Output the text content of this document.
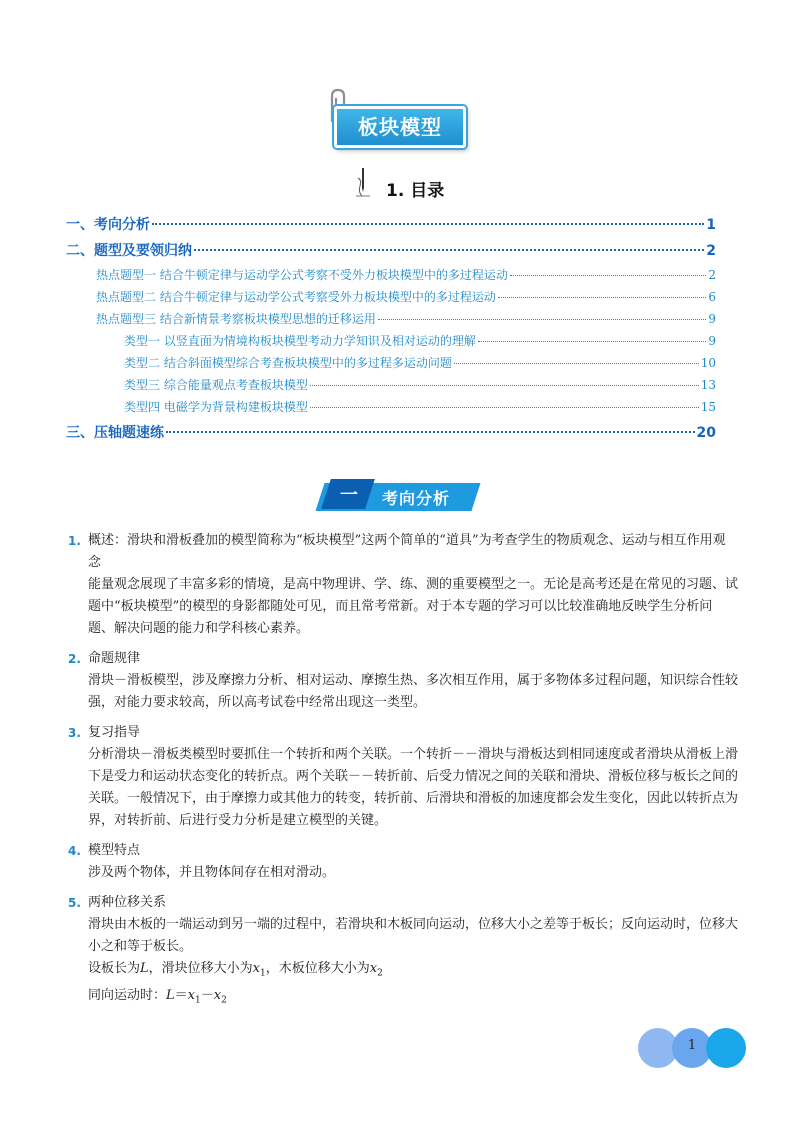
板块模型
1. 目录
一、考向分析	1
二、题型及要领归纳	2
热点题型一 结合牛顿定律与运动学公式考察不受外力板块模型中的多过程运动	2
热点题型二 结合牛顿定律与运动学公式考察受外力板块模型中的多过程运动	6
热点题型三 结合新情景考察板块模型思想的迁移运用	9
类型一 以竖直面为情境构板块模型考动力学知识及相对运动的理解	9
类型二 结合斜面模型综合考查板块模型中的多过程多运动问题	10
类型三 综合能量观点考查板块模型	13
类型四 电磁学为背景构建板块模型	15
三、压轴题速练	20
一	考向分析
1. 概述：滑块和滑板叠加的模型简称为“板块模型”这两个简单的“道具”为考查学生的物质观念、运动与相互作用观念

能量观念展现了丰富多彩的情境，是高中物理讲、学、练、测的重要模型之一。无论是高考还是在常见的习题、试题中“板块模型”的模型的身影都随处可见，而且常考常新。对于本专题的学习可以比较准确地反映学生分析问题、解决问题的能力和学科核心素养。

2. 命题规律

滑块－滑板模型，涉及摩擦力分析、相对运动、摩擦生热、多次相互作用，属于多物体多过程问题，知识综合性较强，对能力要求较高，所以高考试卷中经常出现这一类型。

3. 复习指导

分析滑块－滑板类模型时要抓住一个转折和两个关联。一个转折－－滑块与滑板达到相同速度或者滑块从滑板上滑下是受力和运动状态变化的转折点。两个关联－－转折前、后受力情况之间的关联和滑块、滑板位移与板长之间的关联。一般情况下，由于摩擦力或其他力的转变，转折前、后滑块和滑板的加速度都会发生变化，因此以转折点为界，对转折前、后进行受力分析是建立模型的关键。

4. 模型特点

涉及两个物体，并且物体间存在相对滑动。

5. 两种位移关系

滑块由木板的一端运动到另一端的过程中，若滑块和木板同向运动，位移大小之差等于板长；反向运动时，位移大小之和等于板长。

设板长为L，滑块位移大小为$x_1$，木板位移大小为$x_2$

同向运动时：$L=x_1-x_2$

1
